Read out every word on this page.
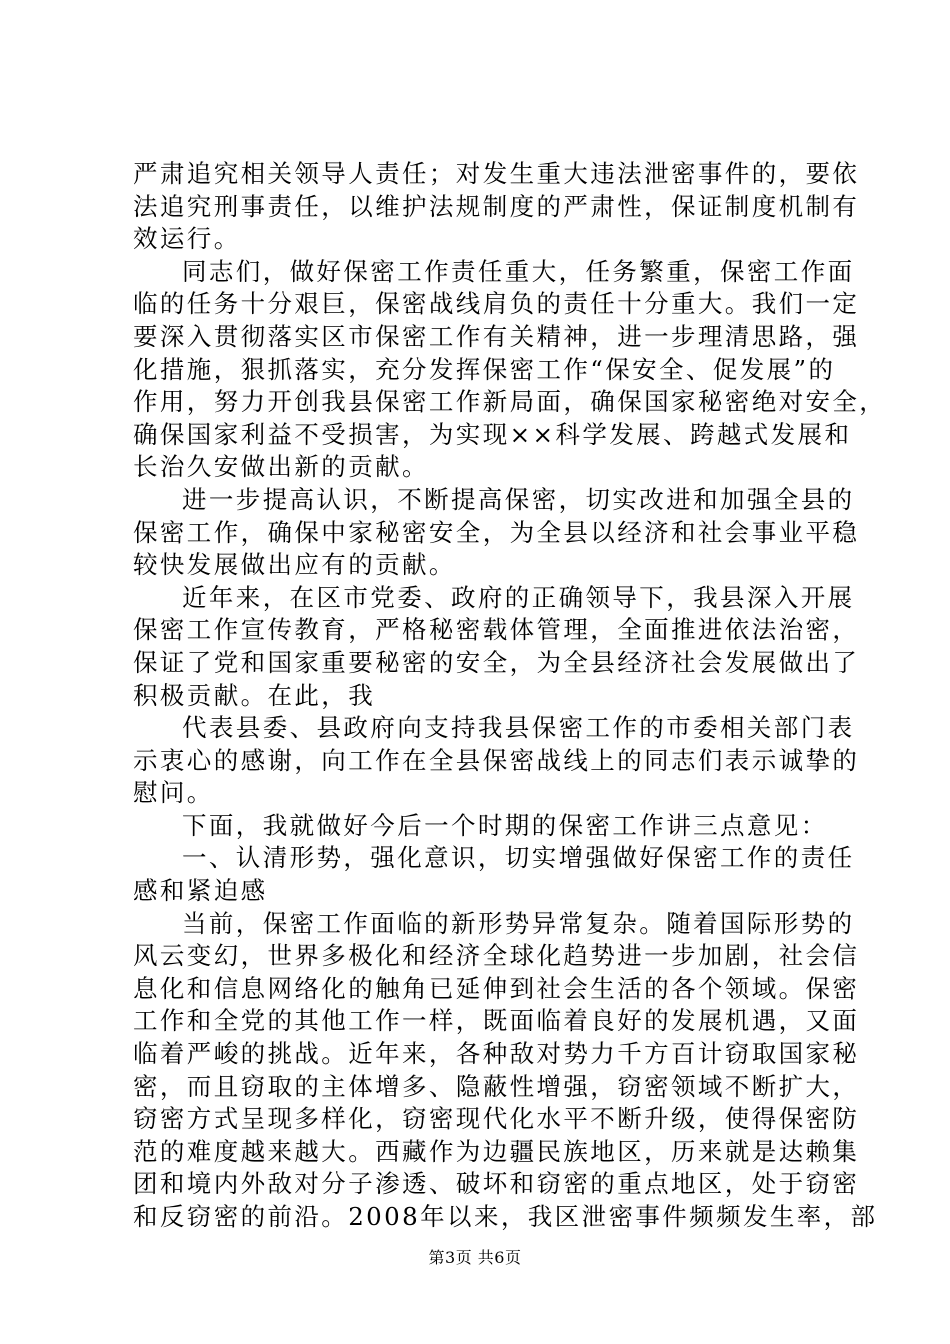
严肃追究相关领导人责任；对发生重大违法泄密事件的，要依
法追究刑事责任，以维护法规制度的严肃性，保证制度机制有
效运行。
同志们，做好保密工作责任重大，任务繁重，保密工作面
临的任务十分艰巨，保密战线肩负的责任十分重大。我们一定
要深入贯彻落实区市保密工作有关精神，进一步理清思路，强
化措施，狠抓落实，充分发挥保密工作“保安全、促发展”的
作用，努力开创我县保密工作新局面，确保国家秘密绝对安全，
确保国家利益不受损害，为实现××科学发展、跨越式发展和
长治久安做出新的贡献。
进一步提高认识，不断提高保密，切实改进和加强全县的
保密工作，确保中家秘密安全，为全县以经济和社会事业平稳
较快发展做出应有的贡献。
近年来，在区市党委、政府的正确领导下，我县深入开展
保密工作宣传教育，严格秘密载体管理，全面推进依法治密，
保证了党和国家重要秘密的安全，为全县经济社会发展做出了
积极贡献。在此，我
代表县委、县政府向支持我县保密工作的市委相关部门表
示衷心的感谢，向工作在全县保密战线上的同志们表示诚挚的
慰问。
下面，我就做好今后一个时期的保密工作讲三点意见：
一、认清形势，强化意识，切实增强做好保密工作的责任
感和紧迫感
当前，保密工作面临的新形势异常复杂。随着国际形势的
风云变幻，世界多极化和经济全球化趋势进一步加剧，社会信
息化和信息网络化的触角已延伸到社会生活的各个领域。保密
工作和全党的其他工作一样，既面临着良好的发展机遇，又面
临着严峻的挑战。近年来，各种敌对势力千方百计窃取国家秘
密，而且窃取的主体增多、隐蔽性增强，窃密领域不断扩大，
窃密方式呈现多样化，窃密现代化水平不断升级，使得保密防
范的难度越来越大。西藏作为边疆民族地区，历来就是达赖集
团和境内外敌对分子渗透、破坏和窃密的重点地区，处于窃密
和反窃密的前沿。2008年以来，我区泄密事件频频发生率，部
第3页 共6页
